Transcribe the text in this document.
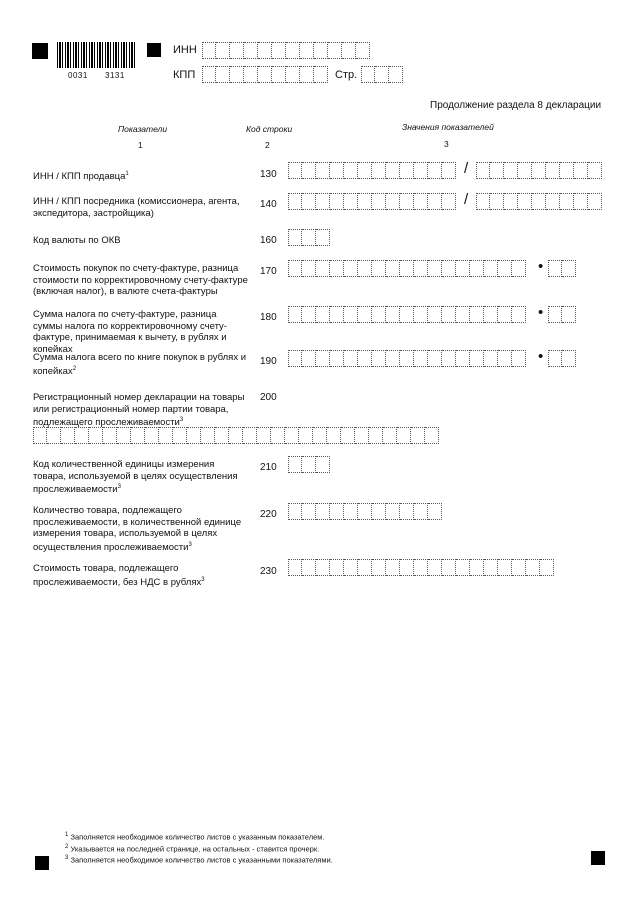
0031 3131
ИНН
КПП	Стр.
Продолжение раздела 8 декларации
Показатели	Код строки	Значения показателей
1	2	3
ИНН / КПП продавца$^1$	130	/
ИНН / КПП посредника (комиссионера, агента, экспедитора, застройщика)
140	/
Код валюты по ОКВ	160
Стоимость покупок по счету-фактуре, разница стоимости по корректировочному счету-фактуре (включая налог), в валюте счета-фактуры
170	•
Сумма налога по счету-фактуре, разница суммы налога по корректировочному счету-фактуре, принимаемая к вычету, в рублях и копейках
180	•
Сумма налога всего по книге покупок в рублях и копейках$^2$
190	•
Регистрационный номер декларации на товары или регистрационный номер партии товара, подлежащего прослеживаемости$^3$
200
Код количественной единицы измерения товара, используемой в целях осуществления прослеживаемости$^3$
210
Количество товара, подлежащего прослеживаемости, в количественной единице измерения товара, используемой в целях осуществления прослеживаемости$^3$
220
Стоимость товара, подлежащего прослеживаемости, без НДС в рублях$^3$
230
$^1$ Заполняется необходимое количество листов с указанным показателем.
$^2$ Указывается на последней странице, на остальных - ставится прочерк.
$^3$ Заполняется необходимое количество листов с указанными показателями.
